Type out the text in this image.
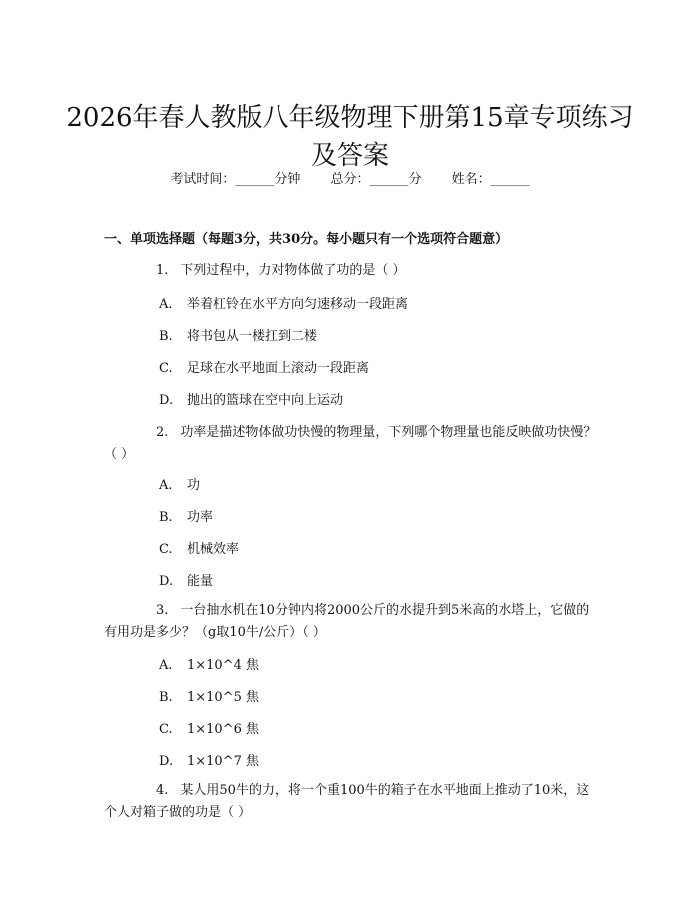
2026年春人教版八年级物理下册第15章专项练习及答案
考试时间：______分钟 总分：______分 姓名：______
一、单项选择题（每题3分，共30分。每小题只有一个选项符合题意）

1. 下列过程中，力对物体做了功的是（ ）

A. 举着杠铃在水平方向匀速移动一段距离
B. 将书包从一楼扛到二楼
C. 足球在水平地面上滚动一段距离
D. 抛出的篮球在空中向上运动

2. 功率是描述物体做功快慢的物理量，下列哪个物理量也能反映做功快慢？（ ）

A. 功
B. 功率
C. 机械效率
D. 能量

3. 一台抽水机在10分钟内将2000公斤的水提升到5米高的水塔上，它做的有用功是多少？（g取10牛/公斤）（ ）

A. 1×10^4 焦
B. 1×10^5 焦
C. 1×10^6 焦
D. 1×10^7 焦

4. 某人用50牛的力，将一个重100牛的箱子在水平地面上推动了10米，这个人对箱子做的功是（ ）
